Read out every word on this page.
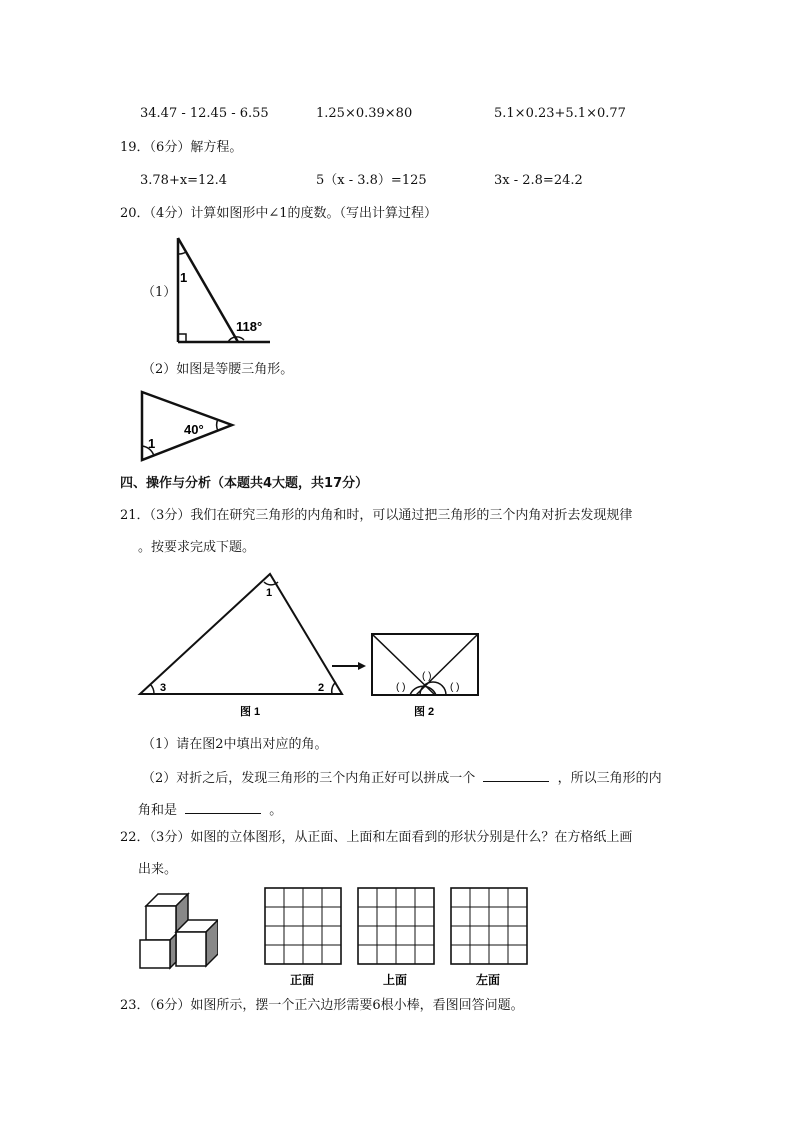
34.47 - 12.45 - 6.55	1.25×0.39×80	5.1×0.23+5.1×0.77
19．（6分）解方程。
3.78+x=12.4	5（x - 3.8）=125	3x - 2.8=24.2
20．（4分）计算如图形中∠1的度数。（写出计算过程）
（1）
1
118°
（2）如图是等腰三角形。
1
40°
四、操作与分析（本题共4大题，共17分）
21．（3分）我们在研究三角形的内角和时，可以通过把三角形的三个内角对折去发现规律
。按要求完成下题。
1
2
3
( )
( )	( )
图 1	图 2
（1）请在图2中填出对应的角。
（2）对折之后，发现三角形的三个内角正好可以拼成一个	，所以三角形的内
角和是	。
22．（3分）如图的立体图形，从正面、上面和左面看到的形状分别是什么？在方格纸上画
出来。
正面	上面	左面
23．（6分）如图所示，摆一个正六边形需要6根小棒，看图回答问题。
